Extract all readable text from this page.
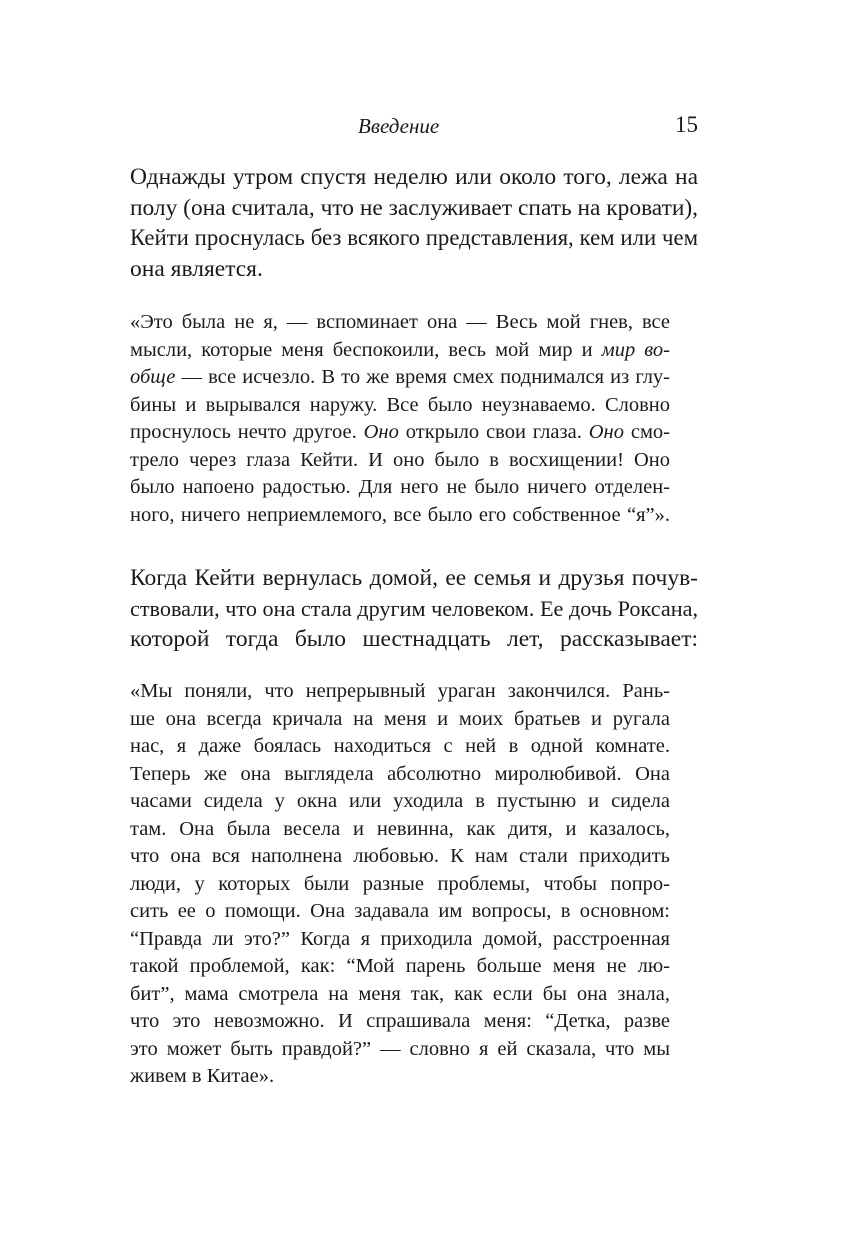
Введение	15
Однажды утром спустя неделю или около того, лежа на
полу (она считала, что не заслуживает спать на кровати),
Кейти проснулась без всякого представления, кем или чем
она является.
«Это была не я, — вспоминает она — Весь мой гнев, все
мысли, которые меня беспокоили, весь мой мир и мир во-
обще — все исчезло. В то же время смех поднимался из глу-
бины и вырывался наружу. Все было неузнаваемо. Словно
проснулось нечто другое. Оно открыло свои глаза. Оно смо-
трело через глаза Кейти. И оно было в восхищении! Оно
было напоено радостью. Для него не было ничего отделен-
ного, ничего неприемлемого, все было его собственное “я”».
Когда Кейти вернулась домой, ее семья и друзья почув-
ствовали, что она стала другим человеком. Ее дочь Роксана,
которой тогда было шестнадцать лет, рассказывает:
«Мы поняли, что непрерывный ураган закончился. Рань-
ше она всегда кричала на меня и моих братьев и ругала
нас, я даже боялась находиться с ней в одной комнате.
Теперь же она выглядела абсолютно миролюбивой. Она
часами сидела у окна или уходила в пустыню и сидела
там. Она была весела и невинна, как дитя, и казалось,
что она вся наполнена любовью. К нам стали приходить
люди, у которых были разные проблемы, чтобы попро-
сить ее о помощи. Она задавала им вопросы, в основном:
“Правда ли это?” Когда я приходила домой, расстроенная
такой проблемой, как: “Мой парень больше меня не лю-
бит”, мама смотрела на меня так, как если бы она знала,
что это невозможно. И спрашивала меня: “Детка, разве
это может быть правдой?” — словно я ей сказала, что мы
живем в Китае».
